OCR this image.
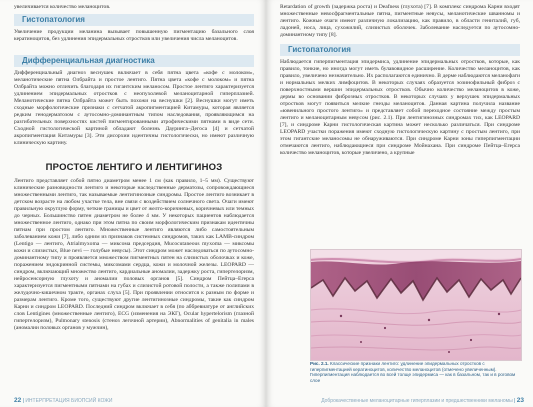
увеличивается количество меланоцитов.
Гистопатология
Увеличение продукции меланина вызывает повышенную пигментацию базального слоя кератиноцитов, без удлинения эпидермальных отростков или увеличения числа меланоцитов.
Дифференциальная диагностика
Дифференциальный диагноз веснушек включает в себя пятна цвета «кофе с молоком», меланотические пятна Олбрайта и простое лентиго. Пятна цвета «кофе с молоком» и пятна Олбрайта можно отличить благодаря их гигантским меланосом. Простое лентиго характеризуется удлинением эпидермальных отростков с неопухолевой меланоцитарной гиперплазией. Меланотические пятна Олбрайта может быть похожи на веснушки [2]. Веснушки могут иметь сходные морфологические признаки с сетчатой акропигментацией Китамуры, которая является редким генодерматозом с аутосомно-доминантным типом наследования, проявляющимся на разгибательных поверхностях кистей пигментированными атрофическими пятнами в виде сети. Сходной гистологической картиной обладают болезнь Дауринга–Дегоса [4] и сетчатой акропигментация Китамуры [3]. Эти дисорхии идентичны гистологически, но имеют различную клиническую картину.
ПРОСТОЕ ЛЕНТИГО И ЛЕНТИГИНОЗ
Лентиго представляет собой пятно диаметром менее 1 см (как правило, 1–5 мм). Существуют клинические разновидности лентиго и некоторые наследственные дерматозы, сопровождающиеся множественными лентиго, так называемые лентигинозные синдромы. Простое лентиго возникает в детском возрасте на любом участке тела, вне связи с воздействием солнечного света. Очаги имеют правильную округлую форму, четкие границы и цвет от желто-коричневых, коричневых или темных до черных. Большинство пятен диаметром не более 4 мм. У некоторых пациентов наблюдается множественное лентиго, однако при этом пятна по своим морфологическим признакам идентичны пятнам при простом лентиго. Множественные лентиго являются либо самостоятельным заболеванием кожи [7], либо одним из признаков системных синдромов, таких как LAMB-синдром (Lentigo — лентиго, Atrialmyxoma — миксома предсердия, Mucocutaneous myxoma — миксомы кожи и слизистых, Blue nevi — голубые невусы). Этот синдром может наследоваться по аутосомно-доминантному типу и проявляется множеством пигментных пятен на слизистых оболочках и коже, поражением эндокринной системы, миксомами сердца, кожи и молочной железы. LEOPARD — синдром, включающий множество лентиго, кардиальные аномалии, задержку роста, гипертелоризм, нейросенсорную глухоту и аномалии половых органов [5]. Синдром Пейтца–Егерса характеризуется пигментными пятнами на губах и слизистой ротовой полости, а также полипами в желудочно-кишечном тракте, органах слуха [5]. При проявлении относится к разным по форме и размерам лентиго. Кроме того, существуют другие лентигинозные синдромы, такие как синдром Карни и синдром LEOPARD. Последний синдром включает в себя (по аббревиатуре от английских слов Lentigines (множественные лентиго), ECG (изменения на ЭКГ), Ocular hypertelorism (глазной гипертелоризм), Pulmonary stenosis (стеноз легочной артерии), Abnormalities of genitalia in males (аномалии половых органов у мужчин),
Retardation of growth (задержка роста) и Deafness (глухота) [7]. В комплекс синдрома Карни входят множественные невосфрагментальные пятна, пигментные невусы, меланотические шванномы и лентиго. Кожные очаги имеют различную локализацию, как правило, в области гениталий, губ, ладоней, носа, лица, сухожилий, слизистых оболочек. Заболевание наследуется по аутосомно-доминантному типу [8].
Гистопатология
Наблюдается гиперпигментация эпидермиса, удлинение эпидермальных отростков, которые, как правило, тонкие, но иногда могут иметь булавовидное расширение. Количество меланоцитов, как правило, увеличено незначительно. Их располагаются единично. В дерме наблюдаются меланофаги и нормальных мелких лимфоцитов. В некоторых случаях образуется эозинофильный фиброз с поверхностными вершин эпидермальных отростков. Обычно количество меланоцитов в коже, дермы во основании фиброзных отростков. В некоторых случаях у верхушек эпидермальных отростков могут появиться мелкие гнезды меланоцитов. Данная картина получила название «ювенильного простого лентиго» и представляет собой переходное состояние между простым лентиго и меланоцитарным невусом (рис. 2.1). При лентигинозных синдромах тих, как LEOPARD [7], и синдроме Карни гистологическая картина может несколько различаться. При синдроме LEOPARD участки поражения имеют сходную гистологическую картину с простым лентиго, при этом гигантские меланосомы не обнаруживаются. При синдроме Карни зоны гиперпигментации отмечаются лентиго, наблюдающиеся при синдроме Мойнахана. При синдроме Пейтца–Егерса количество меланоцитов, которые увеличено, а крупные
Рис. 2.1. Классические признаки лентиго: удлинение эпидермальных отростков с гиперпигментацией кератиноцитов, количество меланоцитов (отмечено увеличенным). Гиперпигментация наблюдается во всей толще эпидермиса — как в базальном, так и в роговом слое
22 | ИНТЕРПРЕТАЦИЯ БИОПСИЙ КОЖИ	Доброкачественные меланоцитарные гиперплазии и предшественники меланомы | 23
